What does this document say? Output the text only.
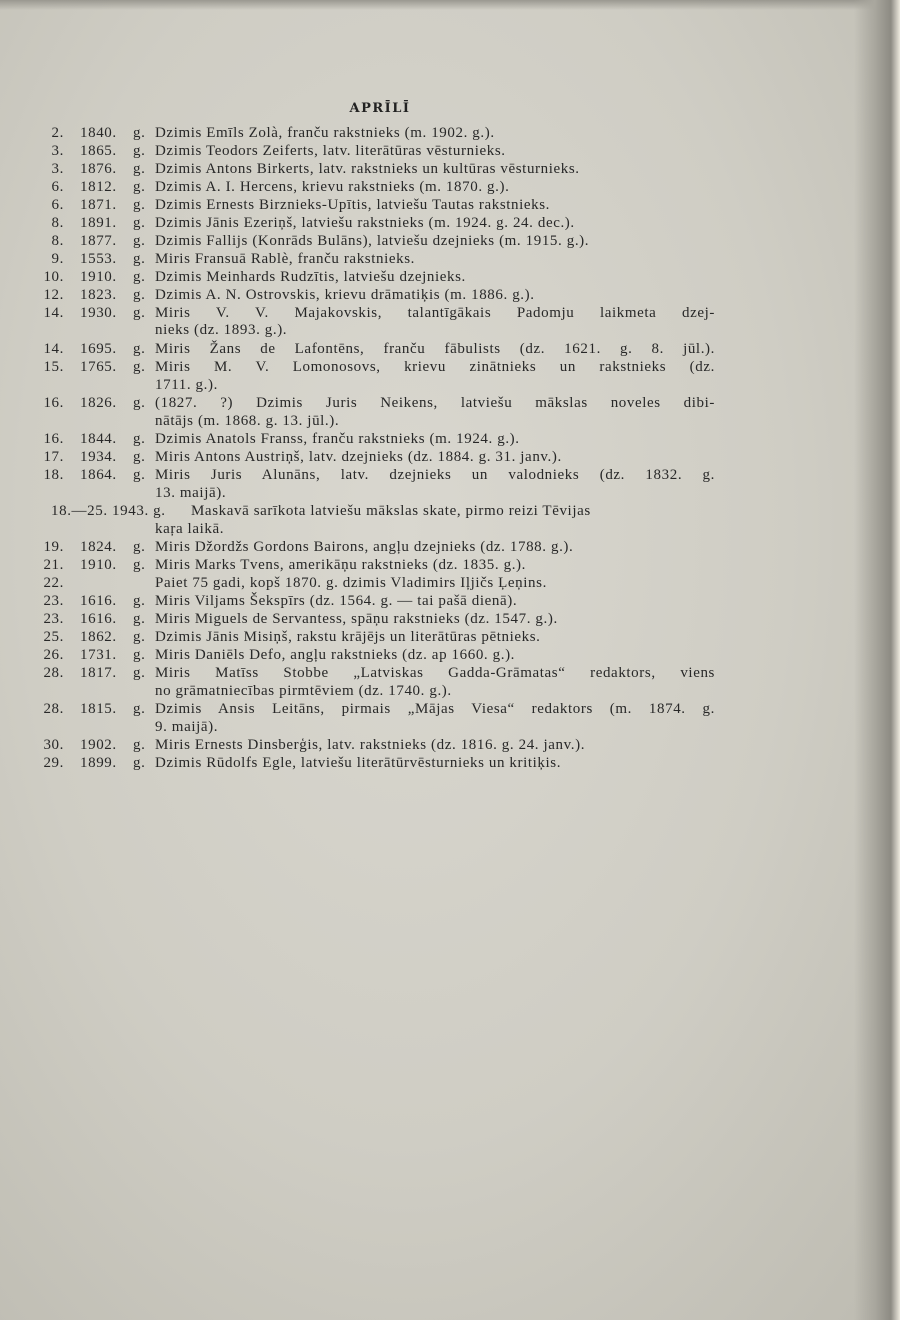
APRĪLĪ
2. 1840. g. Dzimis Emīls Zolà, franču rakstnieks (m. 1902. g.).
3. 1865. g. Dzimis Teodors Zeiferts, latv. literātūras vēsturnieks.
3. 1876. g. Dzimis Antons Birkerts, latv. rakstnieks un kultūras vēsturnieks.
6. 1812. g. Dzimis A. I. Hercens, krievu rakstnieks (m. 1870. g.).
6. 1871. g. Dzimis Ernests Birznieks-Upītis, latviešu Tautas rakstnieks.
8. 1891. g. Dzimis Jānis Ezeriņš, latviešu rakstnieks (m. 1924. g. 24. dec.).
8. 1877. g. Dzimis Fallijs (Konrāds Bulāns), latviešu dzejnieks (m. 1915. g.).
9. 1553. g. Miris Fransuā Rablè, franču rakstnieks.
10. 1910. g. Dzimis Meinhards Rudzītis, latviešu dzejnieks.
12. 1823. g. Dzimis A. N. Ostrovskis, krievu drāmatiķis (m. 1886. g.).
14. 1930. g. Miris V. V. Majakovskis, talantīgākais Padomju laikmeta dzej-
nieks (dz. 1893. g.).
14. 1695. g. Miris Žans de Lafontēns, franču fābulists (dz. 1621. g. 8. jūl.).
15. 1765. g. Miris M. V. Lomonosovs, krievu zinātnieks un rakstnieks (dz.
1711. g.).
16. 1826. g. (1827. ?) Dzimis Juris Neikens, latviešu mākslas noveles dibi-
nātājs (m. 1868. g. 13. jūl.).
16. 1844. g. Dzimis Anatols Franss, franču rakstnieks (m. 1924. g.).
17. 1934. g. Miris Antons Austriņš, latv. dzejnieks (dz. 1884. g. 31. janv.).
18. 1864. g. Miris Juris Alunāns, latv. dzejnieks un valodnieks (dz. 1832. g.
13. maijā).
18.—25. 1943. g. Maskavā sarīkota latviešu mākslas skate, pirmo reizi Tēvijas
kaŗa laikā.
19. 1824. g. Miris Džordžs Gordons Bairons, angļu dzejnieks (dz. 1788. g.).
21. 1910. g. Miris Marks Tvens, amerikāņu rakstnieks (dz. 1835. g.).
22.	Paiet 75 gadi, kopš 1870. g. dzimis Vladimirs Iļjičs Ļeņins.
23. 1616. g. Miris Viljams Šekspīrs (dz. 1564. g. — tai pašā dienā).
23. 1616. g. Miris Miguels de Servantess, spāņu rakstnieks (dz. 1547. g.).
25. 1862. g. Dzimis Jānis Misiņš, rakstu krājējs un literātūras pētnieks.
26. 1731. g. Miris Daniēls Defo, angļu rakstnieks (dz. ap 1660. g.).
28. 1817. g. Miris Matīss Stobbe „Latviskas Gadda-Grāmatas“ redaktors, viens
no grāmatniecības pirmtēviem (dz. 1740. g.).
28. 1815. g. Dzimis Ansis Leitāns, pirmais „Mājas Viesa“ redaktors (m. 1874. g.
9. maijā).
30. 1902. g. Miris Ernests Dinsberģis, latv. rakstnieks (dz. 1816. g. 24. janv.).
29. 1899. g. Dzimis Rūdolfs Egle, latviešu literātūrvēsturnieks un kritiķis.
